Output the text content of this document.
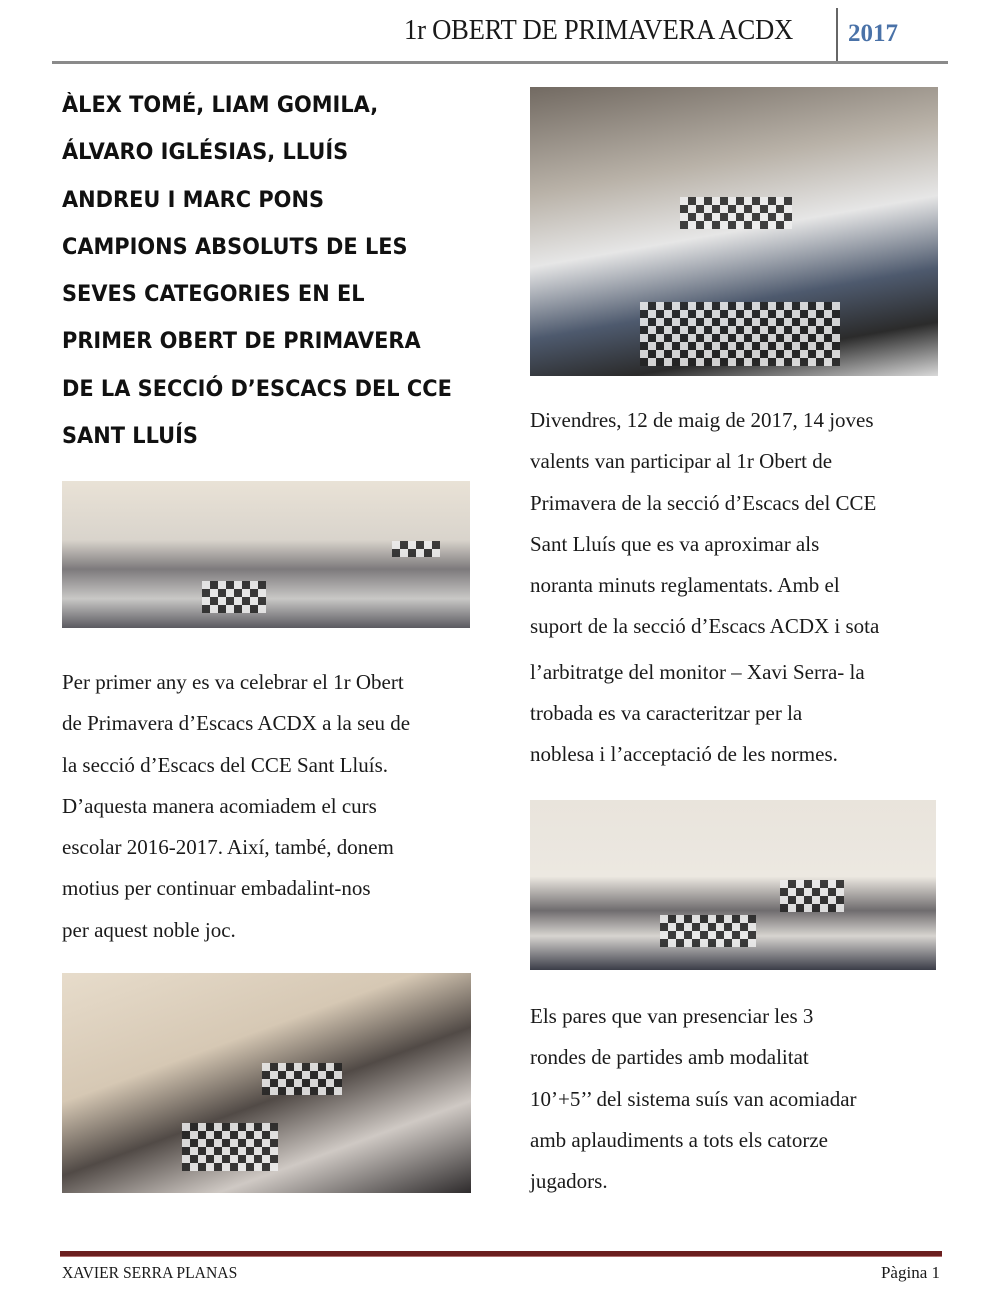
1r OBERT DE PRIMAVERA ACDX 2017
ÀLEX TOMÉ, LIAM GOMILA,
ÁLVARO IGLÉSIAS, LLUÍS
ANDREU I MARC PONS
CAMPIONS ABSOLUTS DE LES
SEVES CATEGORIES EN EL
PRIMER OBERT DE PRIMAVERA
DE LA SECCIÓ D’ESCACS DEL CCE
SANT LLUÍS
Per primer any es va celebrar el 1r Obert
de Primavera d’Escacs ACDX a la seu de
la secció d’Escacs del CCE Sant Lluís.
D’aquesta manera acomiadem el curs
escolar 2016-2017. Així, també, donem
motius per continuar embadalint-nos
per aquest noble joc.
Divendres, 12 de maig de 2017, 14 joves
valents van participar al 1r Obert de
Primavera de la secció d’Escacs del CCE
Sant Lluís que es va aproximar als
noranta minuts reglamentats. Amb el
suport de la secció d’Escacs ACDX i sota
l’arbitratge del monitor – Xavi Serra- la
trobada es va caracteritzar per la
noblesa i l’acceptació de les normes.
Els pares que van presenciar les 3
rondes de partides amb modalitat
10’+5’’ del sistema suís van acomiadar
amb aplaudiments a tots els catorze
jugadors.
XAVIER SERRA PLANAS	Pàgina 1
